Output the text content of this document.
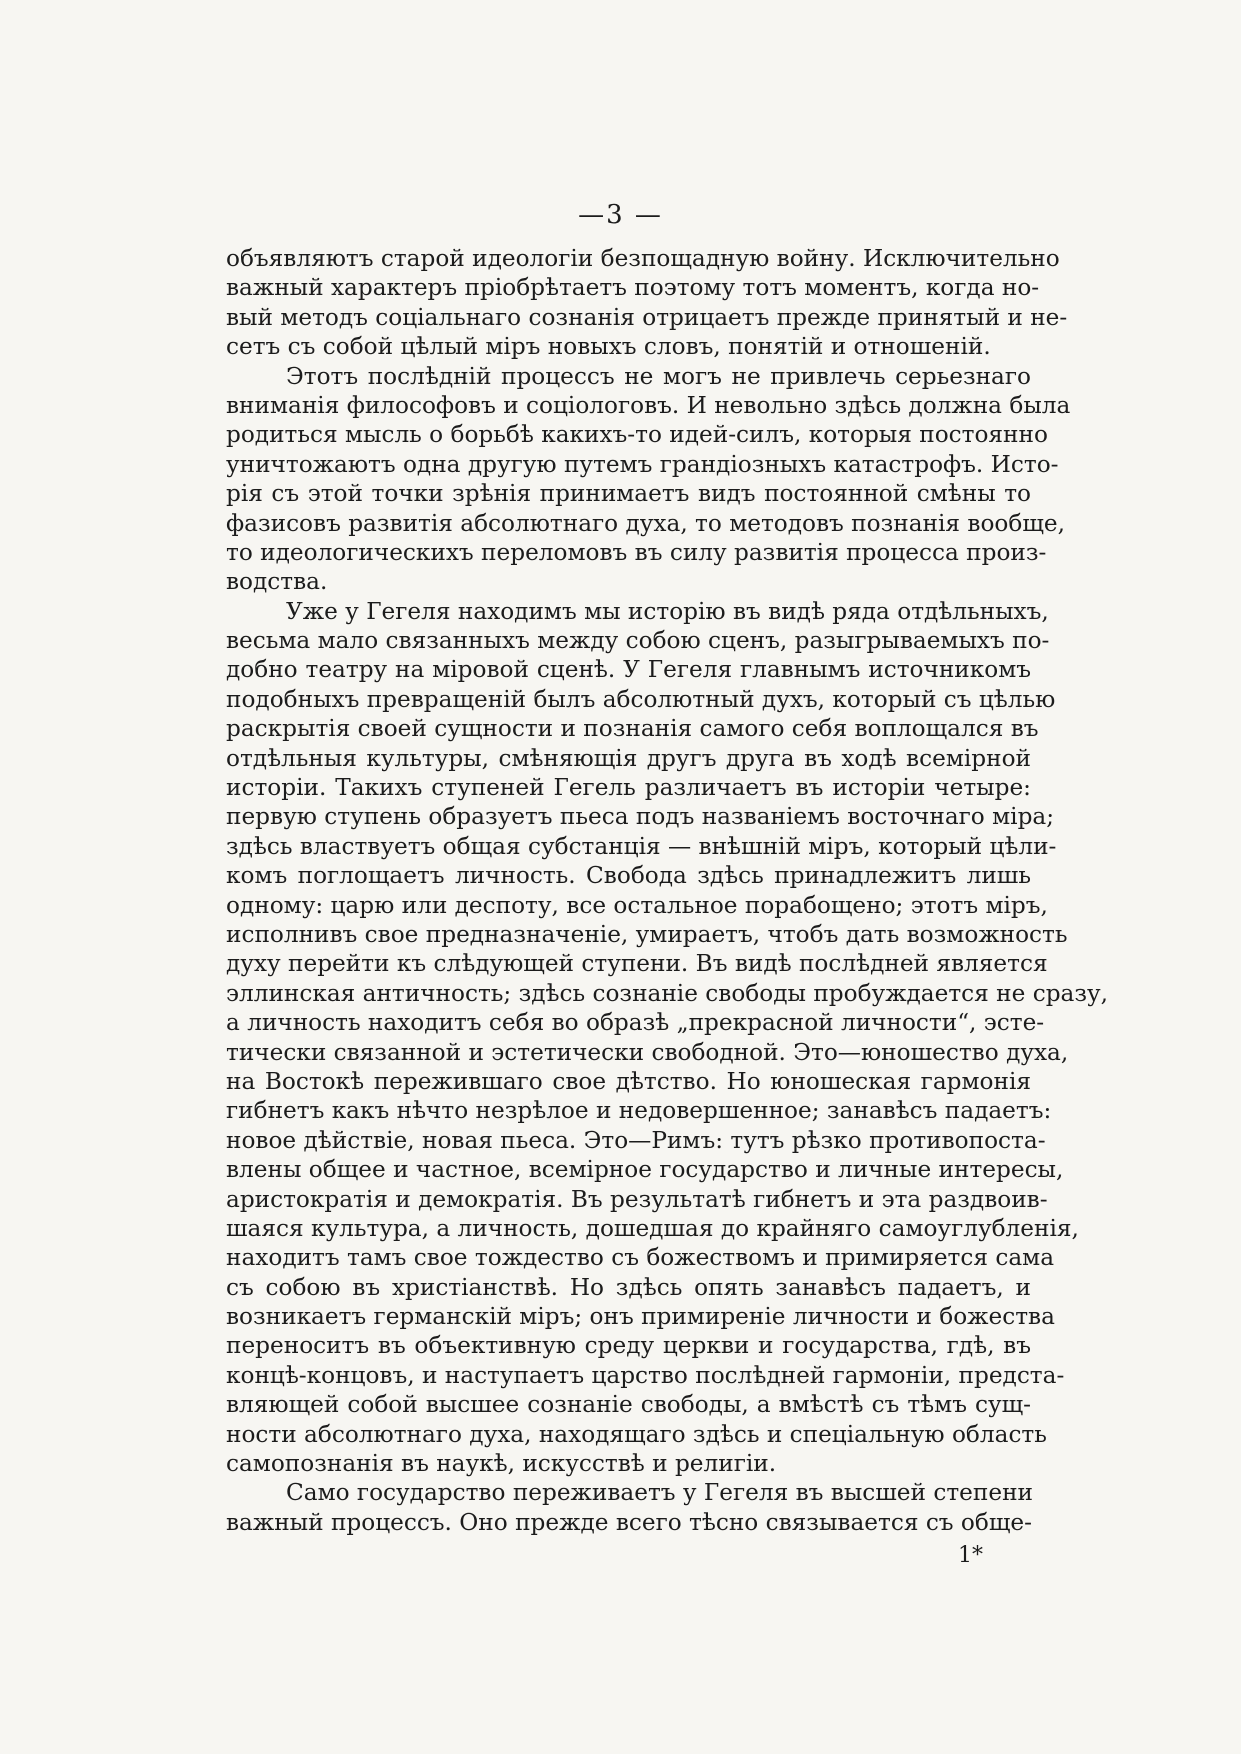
—3 —
объявляютъ старой идеологіи безпощадную войну. Исключительно
важный характеръ пріобрѣтаетъ поэтому тотъ моментъ, когда но-
вый методъ соціальнаго сознанія отрицаетъ прежде принятый и не-
сетъ съ собой цѣлый міръ новыхъ словъ, понятій и отношеній.
Этотъ послѣдній процессъ не могъ не привлечь серьезнаго
вниманія философовъ и соціологовъ. И невольно здѣсь должна была
родиться мысль о борьбѣ какихъ-то идей-силъ, которыя постоянно
уничтожаютъ одна другую путемъ грандіозныхъ катастрофъ. Исто-
рія съ этой точки зрѣнія принимаетъ видъ постоянной смѣны то
фазисовъ развитія абсолютнаго духа, то методовъ познанія вообще,
то идеологическихъ переломовъ въ силу развитія процесса произ-
водства.
Уже у Гегеля находимъ мы исторію въ видѣ ряда отдѣльныхъ,
весьма мало связанныхъ между собою сценъ, разыгрываемыхъ по-
добно театру на міровой сценѣ. У Гегеля главнымъ источникомъ
подобныхъ превращеній былъ абсолютный духъ, который съ цѣлью
раскрытія своей сущности и познанія самого себя воплощался въ
отдѣльныя культуры, смѣняющія другъ друга въ ходѣ всемірной
исторіи. Такихъ ступеней Гегель различаетъ въ исторіи четыре:
первую ступень образуетъ пьеса подъ названіемъ восточнаго міра;
здѣсь властвуетъ общая субстанція — внѣшній міръ, который цѣли-
комъ поглощаетъ личность. Свобода здѣсь принадлежитъ лишь
одному: царю или деспоту, все остальное порабощено; этотъ міръ,
исполнивъ свое предназначеніе, умираетъ, чтобъ дать возможность
духу перейти къ слѣдующей ступени. Въ видѣ послѣдней является
эллинская античность; здѣсь сознаніе свободы пробуждается не сразу,
а личность находитъ себя во образѣ „прекрасной личности“, эсте-
тически связанной и эстетически свободной. Это—юношество духа,
на Востокѣ пережившаго свое дѣтство. Но юношеская гармонія
гибнетъ какъ нѣчто незрѣлое и недовершенное; занавѣсъ падаетъ:
новое дѣйствіе, новая пьеса. Это—Римъ: тутъ рѣзко противопоста-
влены общее и частное, всемірное государство и личные интересы,
аристократія и демократія. Въ результатѣ гибнетъ и эта раздвоив-
шаяся культура, а личность, дошедшая до крайняго самоуглубленія,
находитъ тамъ свое тождество съ божествомъ и примиряется сама
съ собою въ христіанствѣ. Но здѣсь опять занавѣсъ падаетъ, и
возникаетъ германскій міръ; онъ примиреніе личности и божества
переноситъ въ объективную среду церкви и государства, гдѣ, въ
концѣ-концовъ, и наступаетъ царство послѣдней гармоніи, предста-
вляющей собой высшее сознаніе свободы, а вмѣстѣ съ тѣмъ сущ-
ности абсолютнаго духа, находящаго здѣсь и спеціальную область
самопознанія въ наукѣ, искусствѣ и религіи.
Само государство переживаетъ у Гегеля въ высшей степени
важный процессъ. Оно прежде всего тѣсно связывается съ обще-
1*
